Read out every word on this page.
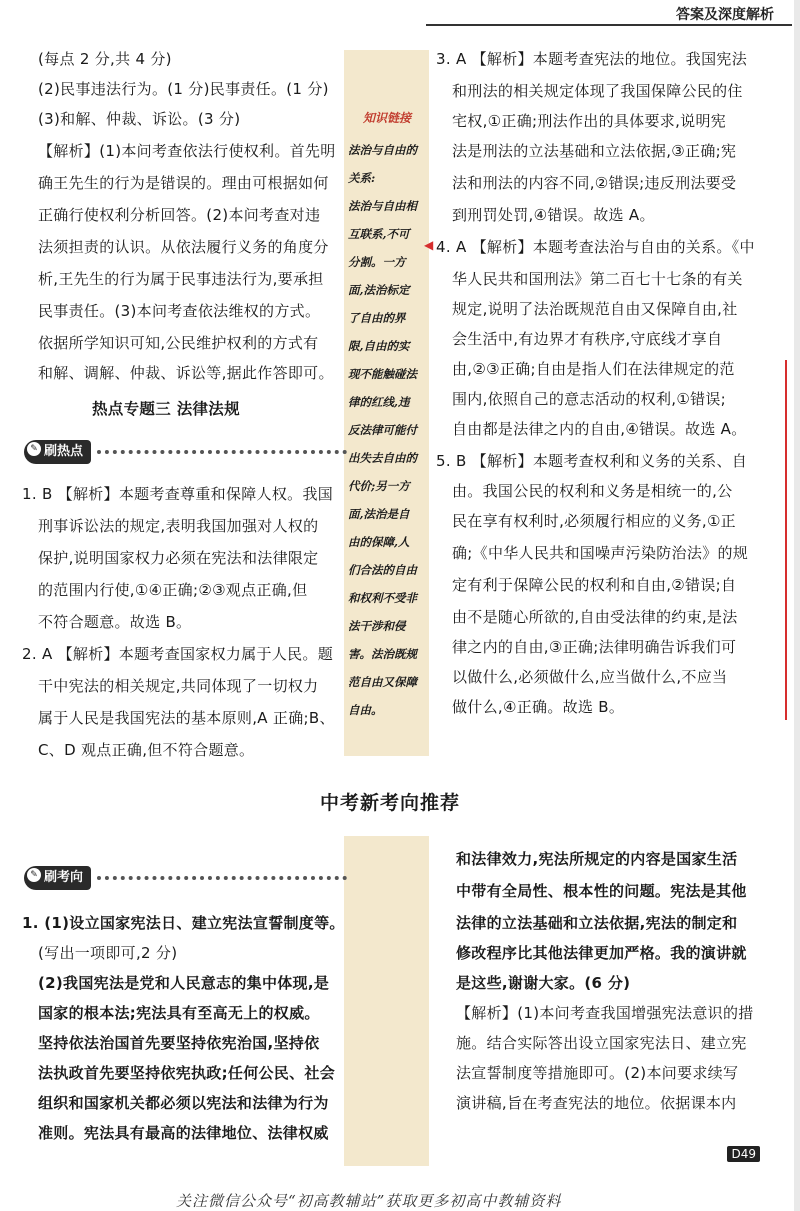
答案及深度解析
知识链接
◀
(每点 2 分,共 4 分)
(2)民事违法行为。(1 分)民事责任。(1 分)
(3)和解、仲裁、诉讼。(3 分)
【解析】(1)本问考查依法行使权利。首先明
确王先生的行为是错误的。理由可根据如何
正确行使权利分析回答。(2)本问考查对违
法须担责的认识。从依法履行义务的角度分
析,王先生的行为属于民事违法行为,要承担
民事责任。(3)本问考查依法维权的方式。
依据所学知识可知,公民维护权利的方式有
和解、调解、仲裁、诉讼等,据此作答即可。
热点专题三 法律法规
✎ 刷热点
1. B 【解析】本题考查尊重和保障人权。我国
刑事诉讼法的规定,表明我国加强对人权的
保护,说明国家权力必须在宪法和法律限定
的范围内行使,①④正确;②③观点正确,但
不符合题意。故选 B。
2. A 【解析】本题考查国家权力属于人民。题
干中宪法的相关规定,共同体现了一切权力
属于人民是我国宪法的基本原则,A 正确;B、
C、D 观点正确,但不符合题意。
法治与自由的
关系:
法治与自由相
互联系,不可
分割。一方
面,法治标定
了自由的界
限,自由的实
现不能触碰法
律的红线,违
反法律可能付
出失去自由的
代价;另一方
面,法治是自
由的保障,人
们合法的自由
和权利不受非
法干涉和侵
害。法治既规
范自由又保障
自由。
3. A 【解析】本题考查宪法的地位。我国宪法
和刑法的相关规定体现了我国保障公民的住
宅权,①正确;刑法作出的具体要求,说明宪
法是刑法的立法基础和立法依据,③正确;宪
法和刑法的内容不同,②错误;违反刑法要受
到刑罚处罚,④错误。故选 A。
4. A 【解析】本题考查法治与自由的关系。《中
华人民共和国刑法》第二百七十七条的有关
规定,说明了法治既规范自由又保障自由,社
会生活中,有边界才有秩序,守底线才享自
由,②③正确;自由是指人们在法律规定的范
围内,依照自己的意志活动的权利,①错误;
自由都是法律之内的自由,④错误。故选 A。
5. B 【解析】本题考查权利和义务的关系、自
由。我国公民的权利和义务是相统一的,公
民在享有权利时,必须履行相应的义务,①正
确;《中华人民共和国噪声污染防治法》的规
定有利于保障公民的权利和自由,②错误;自
由不是随心所欲的,自由受法律的约束,是法
律之内的自由,③正确;法律明确告诉我们可
以做什么,必须做什么,应当做什么,不应当
做什么,④正确。故选 B。
中考新考向推荐
✎ 刷考向
1. (1)设立国家宪法日、建立宪法宣誓制度等。
(写出一项即可,2 分)
(2)我国宪法是党和人民意志的集中体现,是
国家的根本法;宪法具有至高无上的权威。
坚持依法治国首先要坚持依宪治国,坚持依
法执政首先要坚持依宪执政;任何公民、社会
组织和国家机关都必须以宪法和法律为行为
准则。宪法具有最高的法律地位、法律权威
和法律效力,宪法所规定的内容是国家生活
中带有全局性、根本性的问题。宪法是其他
法律的立法基础和立法依据,宪法的制定和
修改程序比其他法律更加严格。我的演讲就
是这些,谢谢大家。(6 分)
【解析】(1)本问考查我国增强宪法意识的措
施。结合实际答出设立国家宪法日、建立宪
法宣誓制度等措施即可。(2)本问要求续写
演讲稿,旨在考查宪法的地位。依据课本内
D49
关注微信公众号“初高教辅站”获取更多初高中教辅资料
